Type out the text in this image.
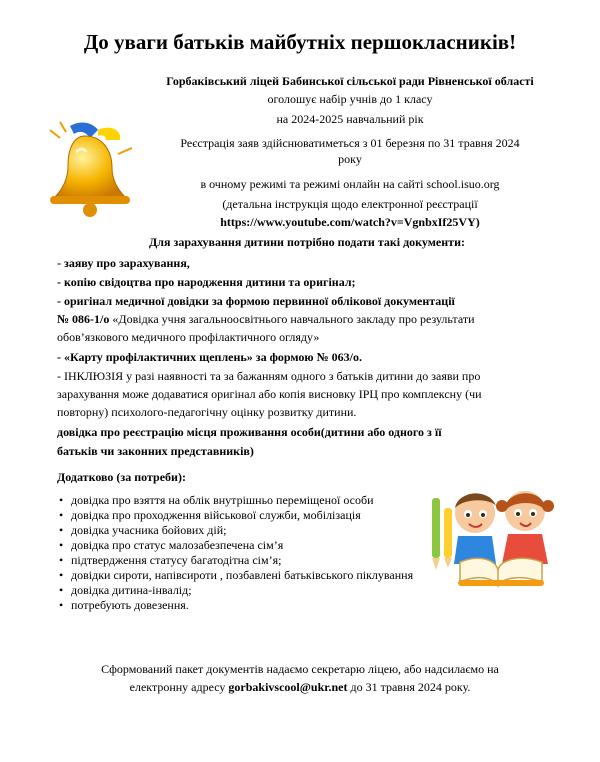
До уваги батьків майбутніх першокласників!
Горбаківський ліцей Бабинської сільської ради Рівненської області
оголошує набір учнів до 1 класу
на 2024-2025 навчальний рік
Реєстрація заяв здійснюватиметься з 01 березня по 31 травня 2024
року
в очному режимі та режимі онлайн на сайті school.isuo.org
(детальна інструкція щодо електронної реєстрації
https://www.youtube.com/watch?v=VgnbxIf25VY)
Для зарахування дитини потрібно подати такі документи:
- заяву про зарахування,
- копію свідоцтва про народження дитини та оригінал;
- оригінал медичної довідки за формою первинної облікової документації
№ 086-1/о «Довідка учня загальноосвітнього навчального закладу про результати
обов’язкового медичного профілактичного огляду»
- «Карту профілактичних щеплень» за формою № 063/о.
- ІНКЛЮЗІЯ у разі наявності та за бажанням одного з батьків дитини до заяви про
зарахування може додаватися оригінал або копія висновку ІРЦ про комплексну (чи
повторну) психолого-педагогічну оцінку розвитку дитини.
довідка про реєстрацію місця проживання особи(дитини або одного з її
батьків чи законних представників)
Додатково (за потреби):
• довідка про взяття на облік внутрішньо переміщеної особи
• довідка про проходження військової служби, мобілізація
• довідка учасника бойових дій;
• довідка про статус малозабезпечена сім’я
• підтвердження статусу багатодітна сім’я;
• довідки сироти, напівсироти , позбавлені батьківського піклування
• довідка дитина-інвалід;
• потребують довезення.
Сформований пакет документів надаємо секретарю ліцею, або надсилаємо на
електронну адресу gorbakivscool@ukr.net до 31 травня 2024 року.
